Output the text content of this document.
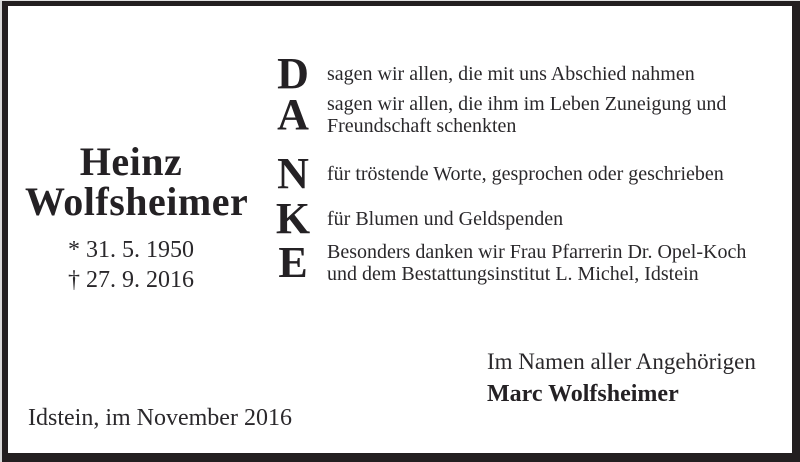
Heinz
Wolfsheimer
* 31. 5. 1950
† 27. 9. 2016
D sagen wir allen, die mit uns Abschied nahmen
A sagen wir allen, die ihm im Leben Zuneigung und
Freundschaft schenkten
N für tröstende Worte, gesprochen oder geschrieben
K für Blumen und Geldspenden
E Besonders danken wir Frau Pfarrerin Dr. Opel-Koch
und dem Bestattungsinstitut L. Michel, Idstein
Im Namen aller Angehörigen
Marc Wolfsheimer
Idstein, im November 2016
